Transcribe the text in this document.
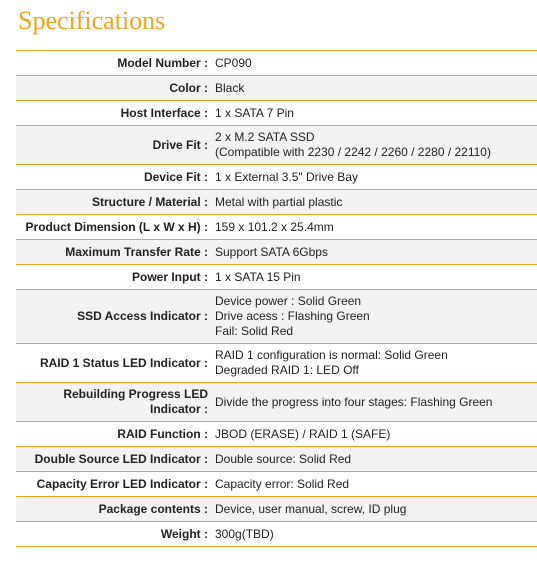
Specifications
Model Number :	CP090

Color :	Black

Host Interface :	1 x SATA 7 Pin

Drive Fit :	2 x M.2 SATA SSD
(Compatible with 2230 / 2242 / 2260 / 2280 / 22110)

Device Fit :	1 x External 3.5" Drive Bay

Structure / Material :	Metal with partial plastic

Product Dimension (L x W x H) :	159 x 101.2 x 25.4mm

Maximum Transfer Rate :	Support SATA 6Gbps

Power Input :	1 x SATA 15 Pin

SSD Access Indicator :	Device power : Solid Green
Drive acess : Flashing Green
Fail: Solid Red

RAID 1 Status LED Indicator :	RAID 1 configuration is normal: Solid Green
Degraded RAID 1: LED Off

Rebuilding Progress LED
Indicator :	Divide the progress into four stages: Flashing Green

RAID Function :	JBOD (ERASE) / RAID 1 (SAFE)

Double Source LED Indicator :	Double source: Solid Red

Capacity Error LED Indicator :	Capacity error: Solid Red

Package contents :	Device, user manual, screw, ID plug

Weight :	300g(TBD)
